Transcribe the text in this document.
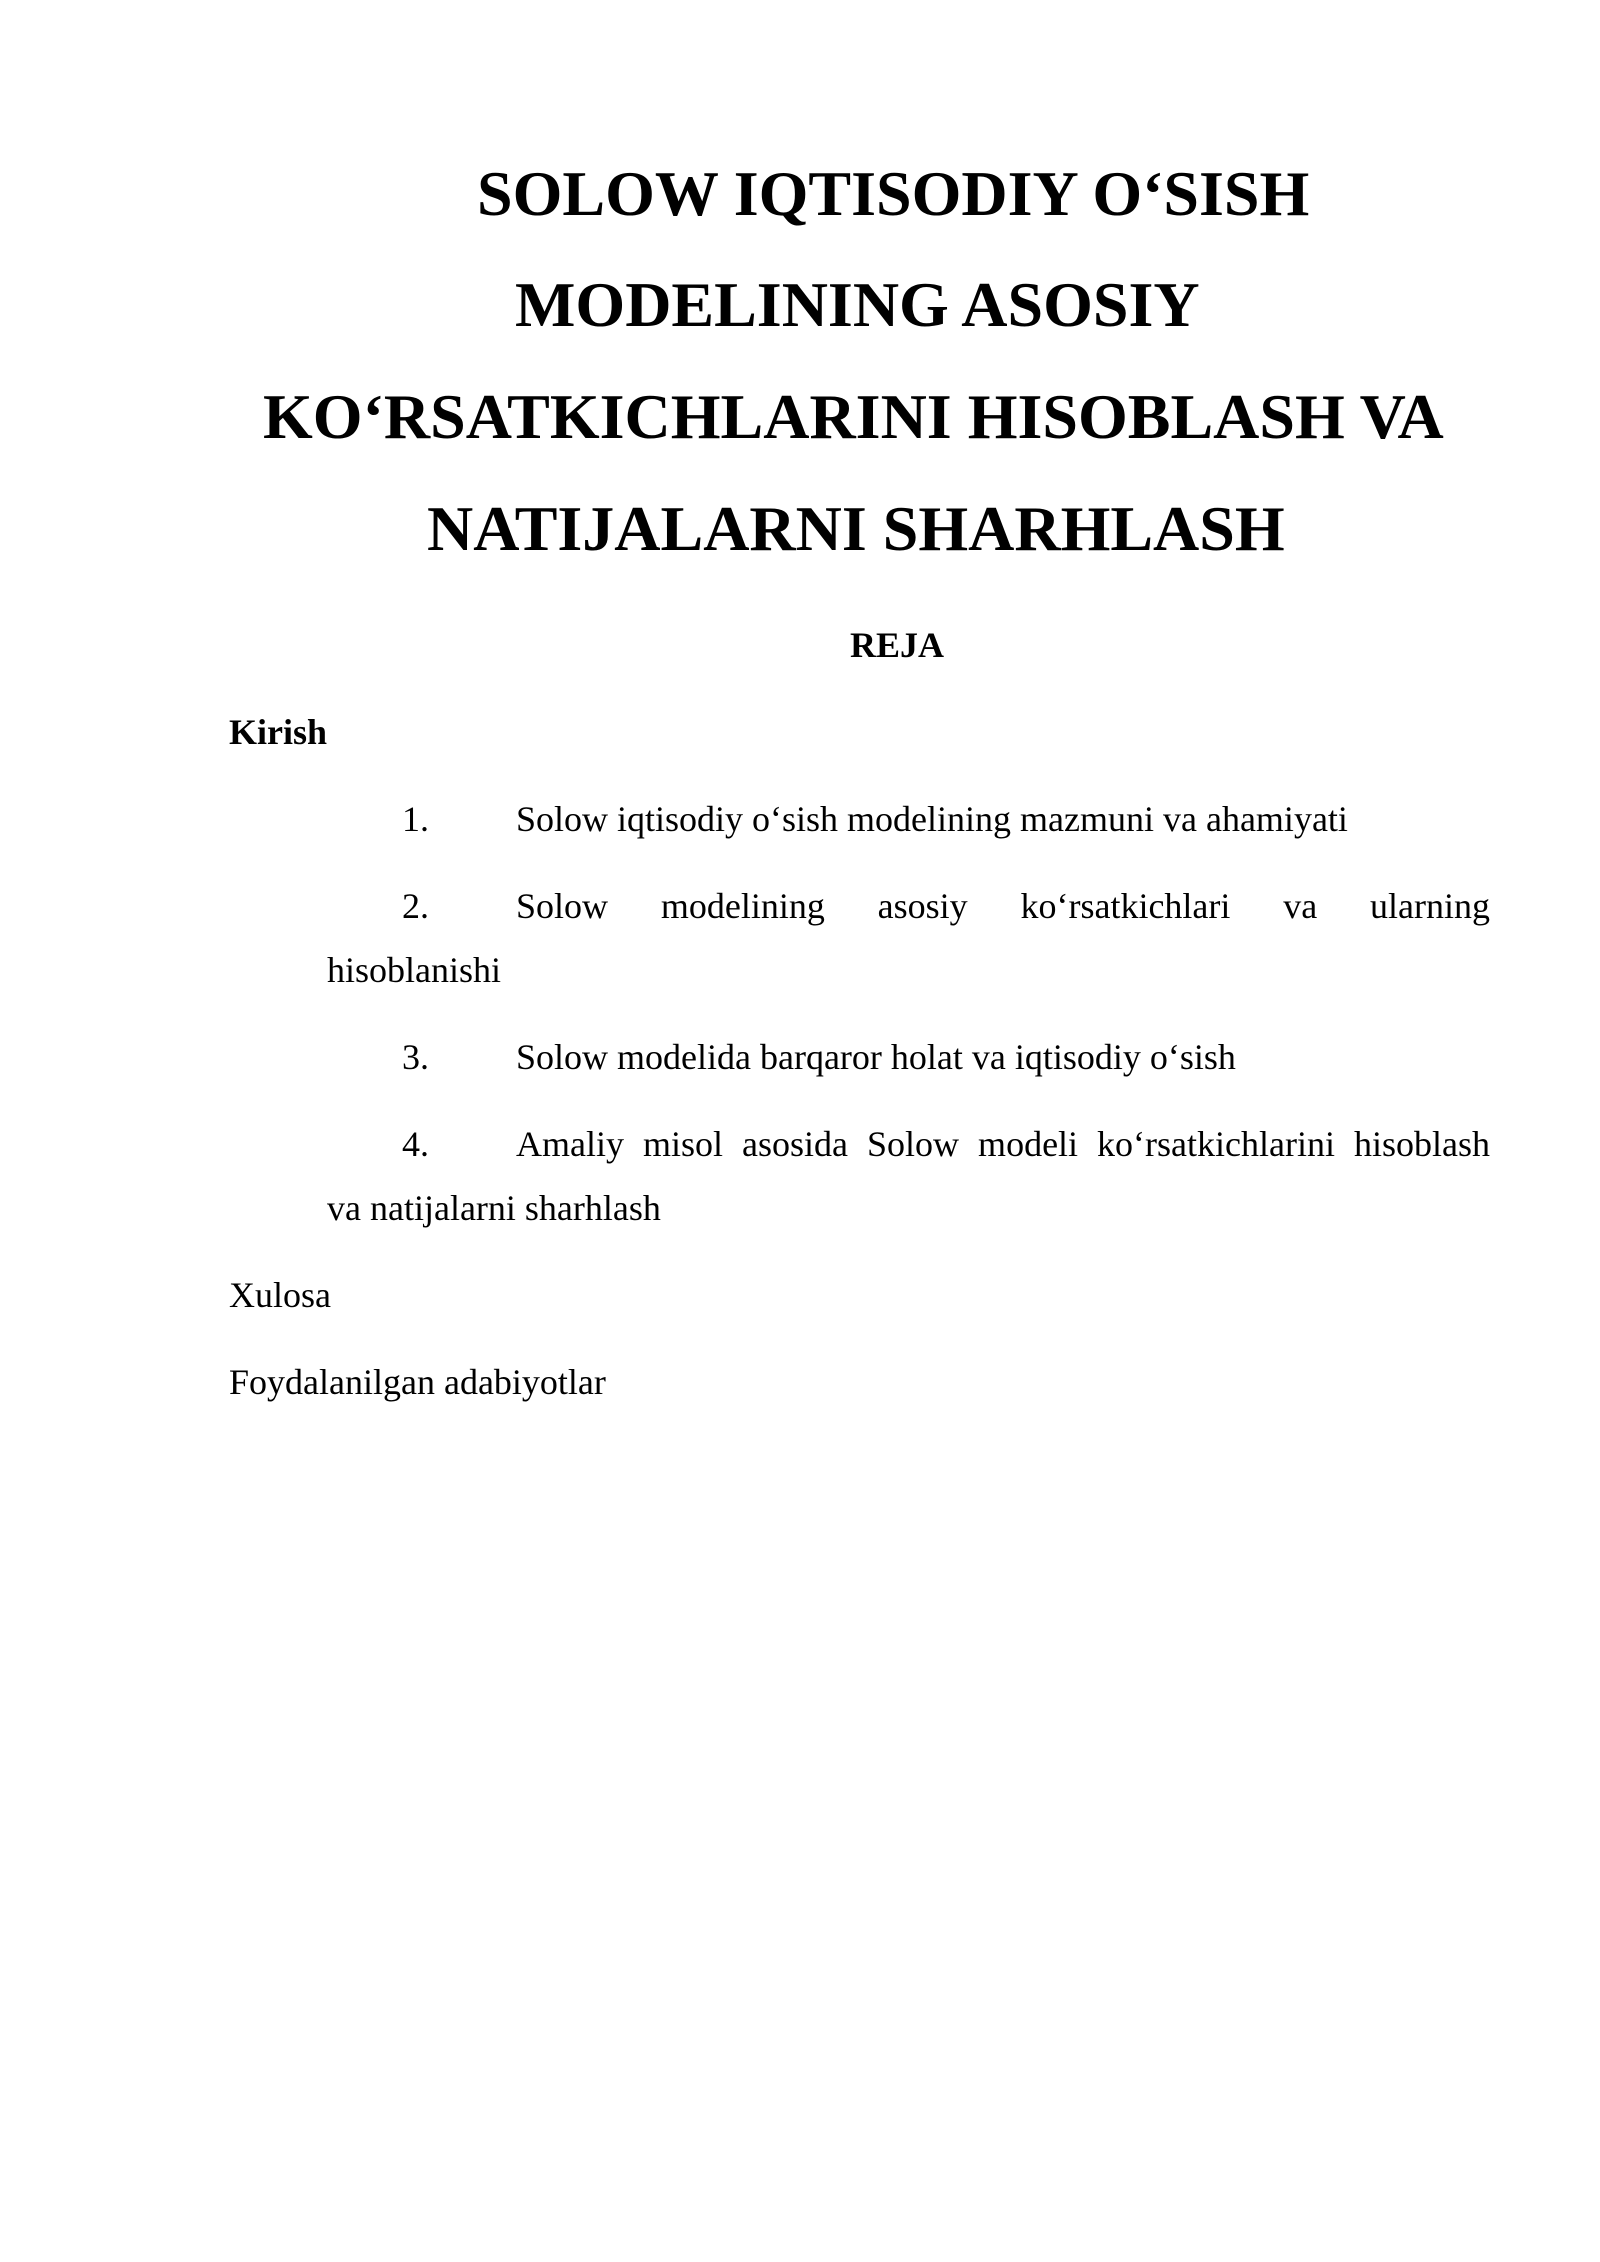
SOLOW IQTISODIY O‘SISH
MODELINING ASOSIY
KO‘RSATKICHLARINI HISOBLASH VA
NATIJALARNI SHARHLASH
REJA
Kirish
1. Solow iqtisodiy o‘sish modelining mazmuni va ahamiyati
2. Solow modelining asosiy ko‘rsatkichlari va ularning
hisoblanishi
3. Solow modelida barqaror holat va iqtisodiy o‘sish
4. Amaliy misol asosida Solow modeli ko‘rsatkichlarini hisoblash
va natijalarni sharhlash
Xulosa
Foydalanilgan adabiyotlar
